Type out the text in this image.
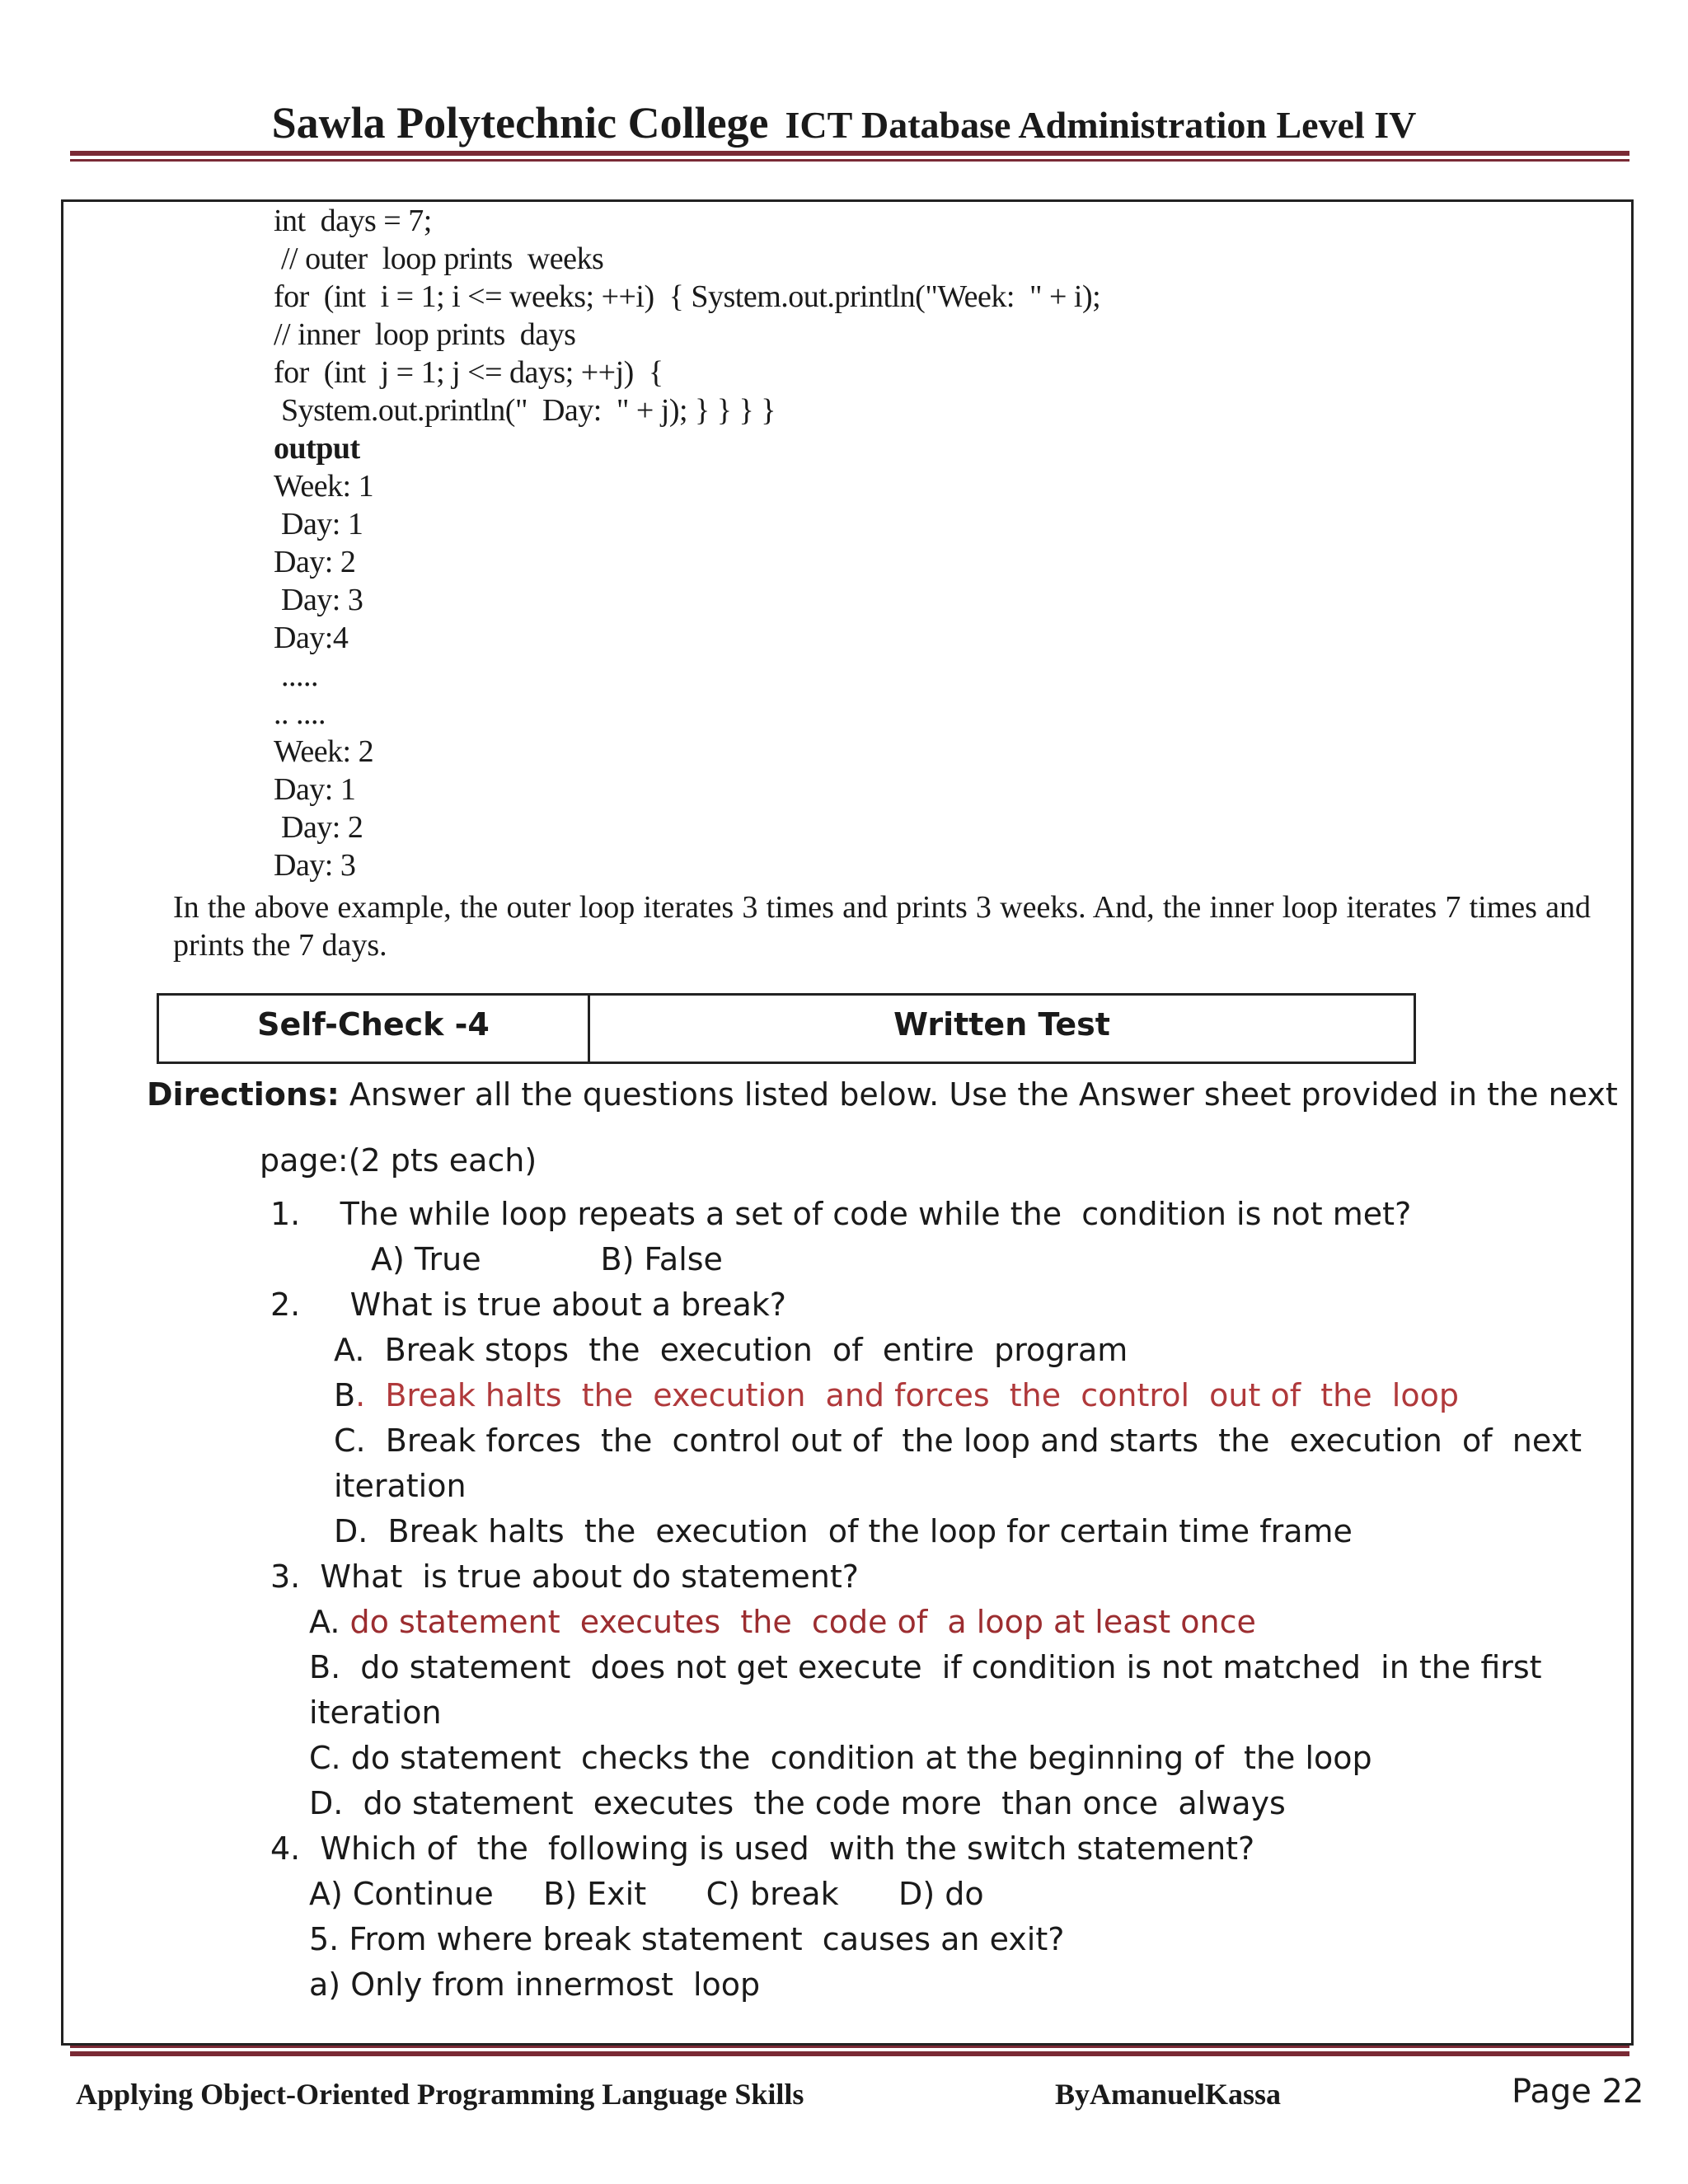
Sawla Polytechnic College ICT Database Administration Level IV
int  days = 7;
// outer  loop prints  weeks
for  (int  i = 1; i <= weeks; ++i)  { System.out.println("Week:  " + i);
// inner  loop prints  days
for  (int  j = 1; j <= days; ++j)  {
System.out.println("  Day:  " + j); } } } }
output
Week: 1
Day: 1
Day: 2
Day: 3
Day:4
.....
.. ....
Week: 2
Day: 1
Day: 2
Day: 3
In the above example, the outer loop iterates 3 times and prints 3 weeks. And, the inner loop iterates 7 times and prints the 7 days.
Self-Check -4	Written Test
Directions: Answer all the questions listed below. Use the Answer sheet provided in the next
page:(2 pts each)
1.    The while loop repeats a set of code while the  condition is not met?
A) True            B) False
2.     What is true about a break?
A.  Break stops  the  execution  of  entire  program
B.  Break halts  the  execution  and forces  the  control  out of  the  loop
C.  Break forces  the  control out of  the loop and starts  the  execution  of  next
iteration
D.  Break halts  the  execution  of the loop for certain time frame
3.  What  is true about do statement?
A. do statement  executes  the  code of  a loop at least once
B.  do statement  does not get execute  if condition is not matched  in the first
iteration
C. do statement  checks the  condition at the beginning of  the loop
D.  do statement  executes  the code more  than once  always
4.  Which of  the  following is used  with the switch statement?
A) Continue     B) Exit      C) break      D) do
5. From where break statement  causes an exit?
a) Only from innermost  loop
Applying Object-Oriented Programming Language Skills	ByAmanuelKassa	Page 22
